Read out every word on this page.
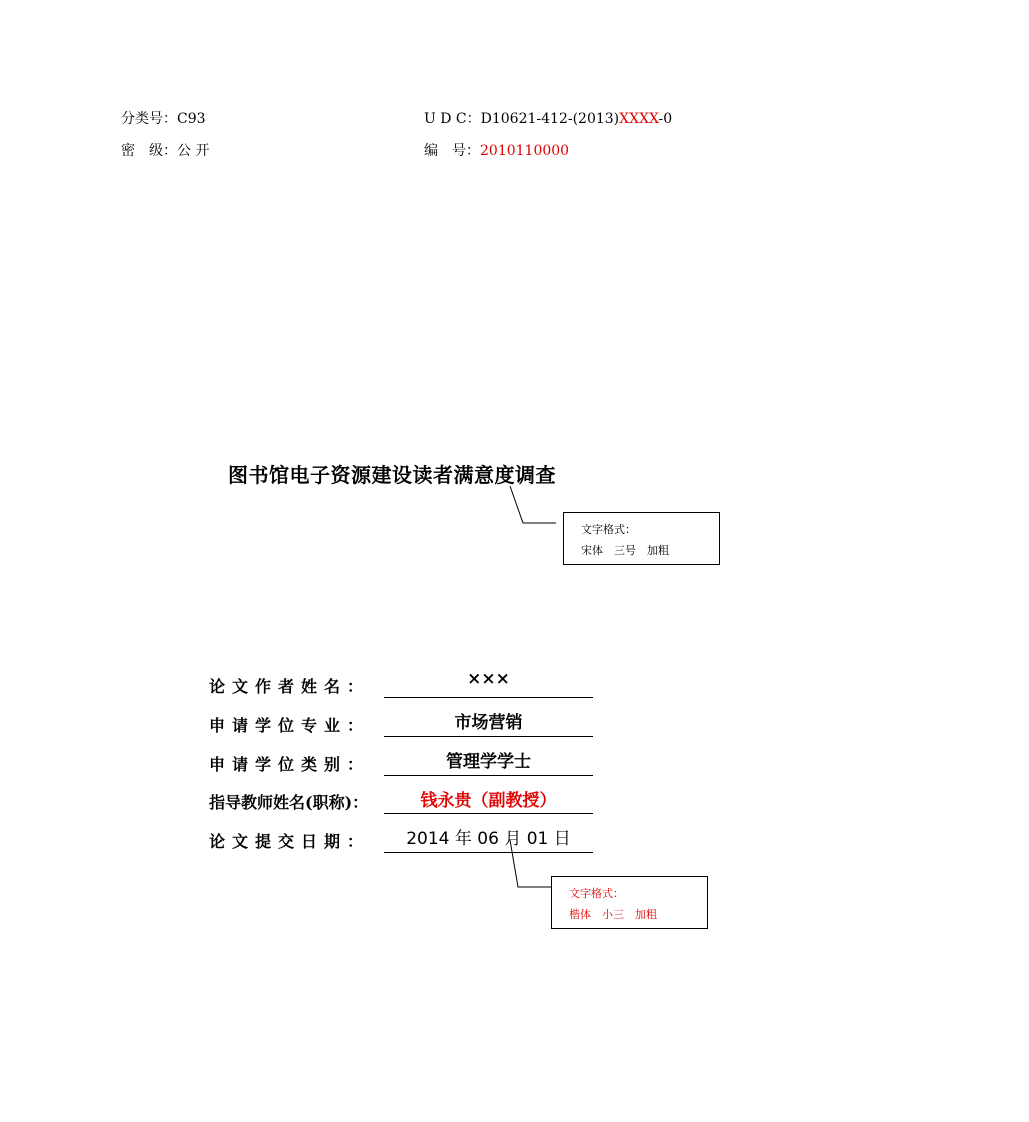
分类号：C93	U D C：D10621-412-(2013)XXXX-0
密　级：公 开	编　号：2010110000
图书馆电子资源建设读者满意度调查
文字格式：
宋体　三号　加粗
论文作者姓名：	×××
申请学位专业：	市场营销
申请学位类别：	管理学学士
指导教师姓名(职称)：	钱永贵（副教授）
论文提交日期：	2014 年 06 月 01 日
文字格式：
楷体　小三　加粗
